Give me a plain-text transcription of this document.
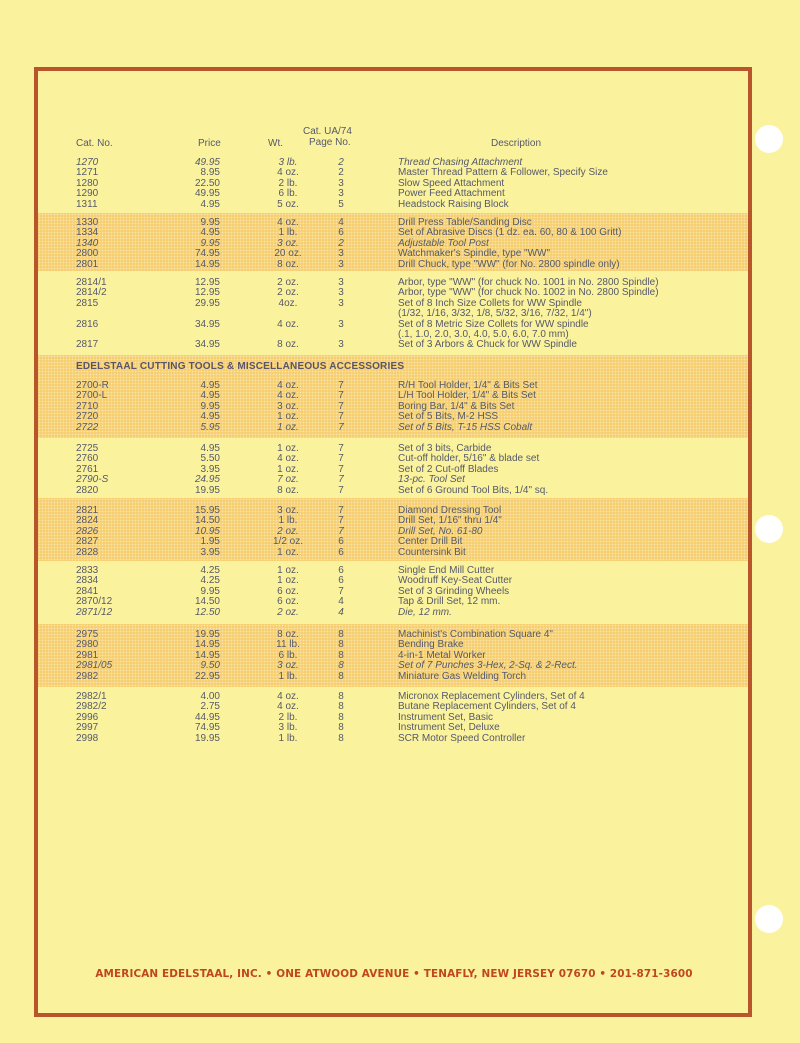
Cat. No.	Price	Wt.
Cat. UA/74
Page No.	Description
1270	49.95	3 lb.	2	Thread Chasing Attachment
1271	8.95	4 oz.	2	Master Thread Pattern & Follower, Specify Size
1280	22.50	2 lb.	3	Slow Speed Attachment
1290	49.95	6 lb.	3	Power Feed Attachment
1311	4.95	5 oz.	5	Headstock Raising Block
1330	9.95	4 oz.	4	Drill Press Table/Sanding Disc
1334	4.95	1 lb.	6	Set of Abrasive Discs (1 dz. ea. 60, 80 & 100 Gritt)
1340	9.95	3 oz.	2	Adjustable Tool Post
2800	74.95	20 oz.	3	Watchmaker's Spindle, type "WW"
2801	14.95	8 oz.	3	Drill Chuck, type "WW" (for No. 2800 spindle only)
2814/1	12.95	2 oz.	3	Arbor, type "WW" (for chuck No. 1001 in No. 2800 Spindle)
2814/2	12.95	2 oz.	3	Arbor, type "WW" (for chuck No. 1002 in No. 2800 Spindle)
2815	29.95	4oz.	3	Set of 8 Inch Size Collets for WW Spindle
(1/32, 1/16, 3/32, 1/8, 5/32, 3/16, 7/32, 1/4")
2816	34.95	4 oz.	3	Set of 8 Metric Size Collets for WW spindle
(.1, 1.0, 2.0, 3.0, 4.0, 5.0, 6.0, 7.0 mm)
2817	34.95	8 oz.	3	Set of 3 Arbors & Chuck for WW Spindle
EDELSTAAL CUTTING TOOLS & MISCELLANEOUS ACCESSORIES
2700-R	4.95	4 oz.	7	R/H Tool Holder, 1/4" & Bits Set
2700-L	4.95	4 oz.	7	L/H Tool Holder, 1/4" & Bits Set
2710	9.95	3 oz.	7	Boring Bar, 1/4" & Bits Set
2720	4.95	1 oz.	7	Set of 5 Bits, M-2 HSS
2722	5.95	1 oz.	7	Set of 5 Bits, T-15 HSS Cobalt
2725	4.95	1 oz.	7	Set of 3 bits, Carbide
2760	5.50	4 oz.	7	Cut-off holder, 5/16" & blade set
2761	3.95	1 oz.	7	Set of 2 Cut-off Blades
2790-S	24.95	7 oz.	7	13-pc. Tool Set
2820	19.95	8 oz.	7	Set of 6 Ground Tool Bits, 1/4" sq.
2821	15.95	3 oz.	7	Diamond Dressing Tool
2824	14.50	1 lb.	7	Drill Set, 1/16" thru 1/4"
2826	10.95	2 oz.	7	Drill Set, No. 61-80
2827	1.95	1/2 oz.	6	Center Drill Bit
2828	3.95	1 oz.	6	Countersink Bit
2833	4.25	1 oz.	6	Single End Mill Cutter
2834	4.25	1 oz.	6	Woodruff Key-Seat Cutter
2841	9.95	6 oz.	7	Set of 3 Grinding Wheels
2870/12	14.50	6 oz.	4	Tap & Drill Set, 12 mm.
2871/12	12.50	2 oz.	4	Die, 12 mm.
2975	19.95	8 oz.	8	Machinist's Combination Square 4"
2980	14.95	11 lb.	8	Bending Brake
2981	14.95	6 lb.	8	4-in-1 Metal Worker
2981/05	9.50	3 oz.	8	Set of 7 Punches 3-Hex, 2-Sq. & 2-Rect.
2982	22.95	1 lb.	8	Miniature Gas Welding Torch
2982/1	4.00	4 oz.	8	Micronox Replacement Cylinders, Set of 4
2982/2	2.75	4 oz.	8	Butane Replacement Cylinders, Set of 4
2996	44.95	2 lb.	8	Instrument Set, Basic
2997	74.95	3 lb.	8	Instrument Set, Deluxe
2998	19.95	1 lb.	8	SCR Motor Speed Controller
AMERICAN EDELSTAAL, INC. • ONE ATWOOD AVENUE • TENAFLY, NEW JERSEY 07670 • 201-871-3600
